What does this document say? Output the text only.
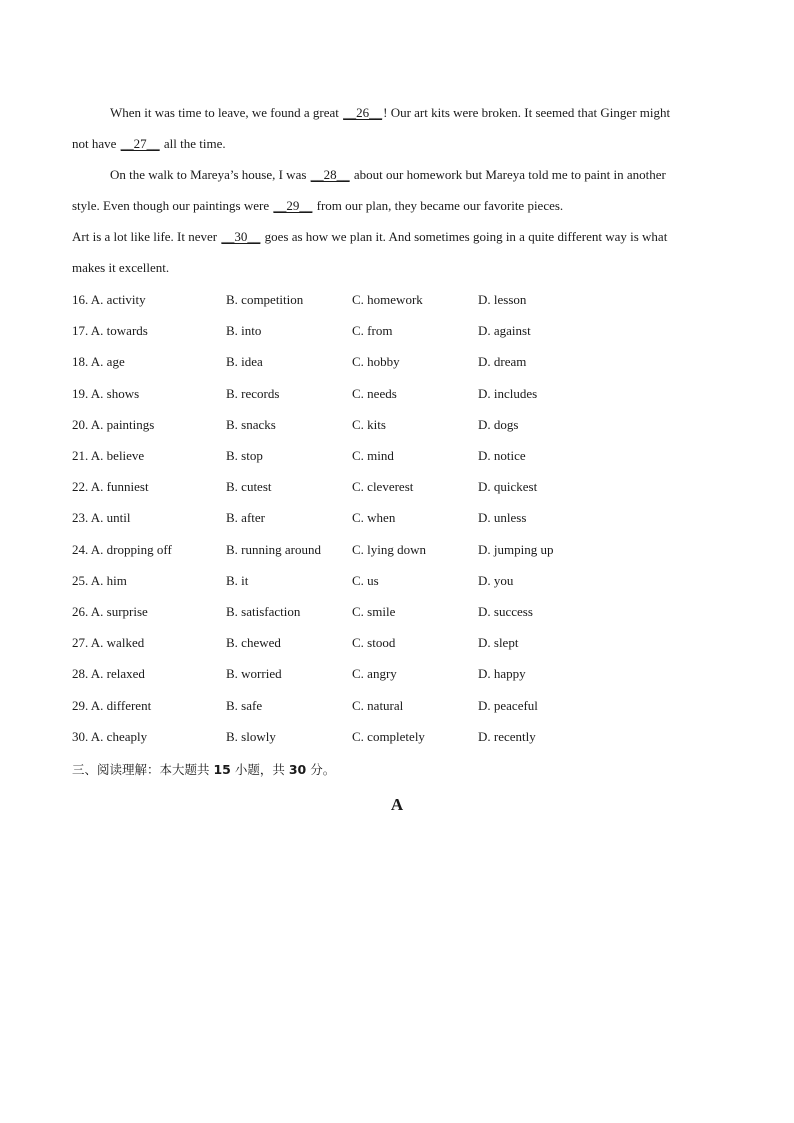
When it was time to leave, we found a great __26__! Our art kits were broken. It seemed that Ginger might
not have __27__ all the time.
On the walk to Mareya’s house, I was __28__ about our homework but Mareya told me to paint in another
style. Even though our paintings were __29__ from our plan, they became our favorite pieces.
Art is a lot like life. It never __30__ goes as how we plan it. And sometimes going in a quite different way is what
makes it excellent.
16. A. activity	B. competition	C. homework	D. lesson
17. A. towards	B. into	C. from	D. against
18. A. age	B. idea	C. hobby	D. dream
19. A. shows	B. records	C. needs	D. includes
20. A. paintings	B. snacks	C. kits	D. dogs
21. A. believe	B. stop	C. mind	D. notice
22. A. funniest	B. cutest	C. cleverest	D. quickest
23. A. until	B. after	C. when	D. unless
24. A. dropping off	B. running around C. lying down	D. jumping up
25. A. him	B. it	C. us	D. you
26. A. surprise	B. satisfaction	C. smile	D. success
27. A. walked	B. chewed	C. stood	D. slept
28. A. relaxed	B. worried	C. angry	D. happy
29. A. different	B. safe	C. natural	D. peaceful
30. A. cheaply	B. slowly	C. completely	D. recently
三、阅读理解：本大题共 15 小题，共 30 分。
A
